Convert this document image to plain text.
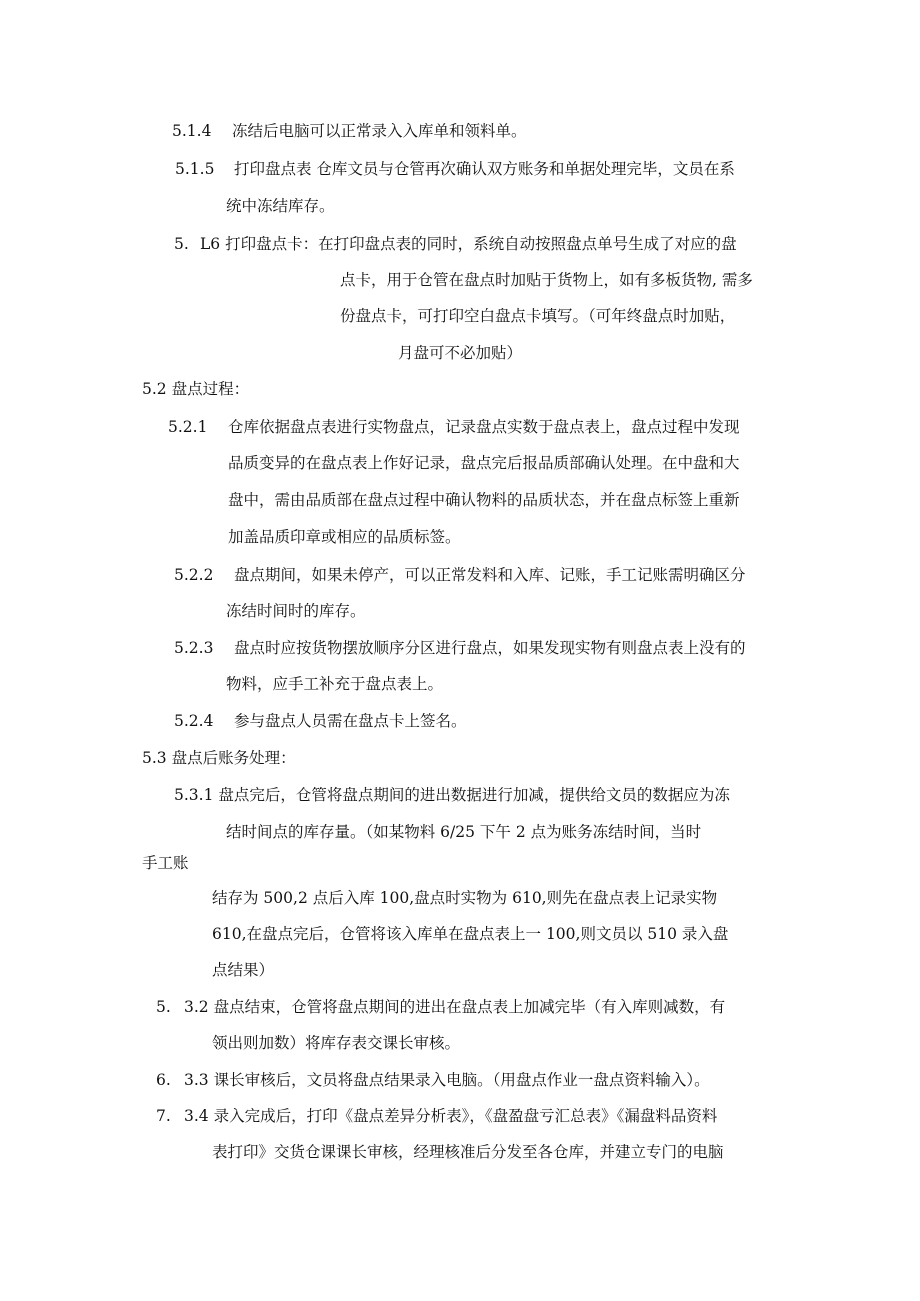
5.1.4 冻结后电脑可以正常录入入库单和领料单。
5.1.5 打印盘点表 仓库文员与仓管再次确认双方账务和单据处理完毕，文员在系
统中冻结库存。
5. L6 打印盘点卡：在打印盘点表的同时，系统自动按照盘点单号生成了对应的盘
点卡，用于仓管在盘点时加贴于货物上，如有多板货物, 需多
份盘点卡，可打印空白盘点卡填写。（可年终盘点时加贴，
月盘可不必加贴）
5.2 盘点过程：
5.2.1 仓库依据盘点表进行实物盘点，记录盘点实数于盘点表上，盘点过程中发现
品质变异的在盘点表上作好记录，盘点完后报品质部确认处理。在中盘和大
盘中，需由品质部在盘点过程中确认物料的品质状态，并在盘点标签上重新
加盖品质印章或相应的品质标签。
5.2.2 盘点期间，如果未停产，可以正常发料和入库、记账，手工记账需明确区分
冻结时间时的库存。
5.2.3 盘点时应按货物摆放顺序分区进行盘点，如果发现实物有则盘点表上没有的
物料，应手工补充于盘点表上。
5.2.4 参与盘点人员需在盘点卡上签名。
5.3 盘点后账务处理：
5.3.1 盘点完后，仓管将盘点期间的进出数据进行加减，提供给文员的数据应为冻
结时间点的库存量。（如某物料 6/25 下午 2 点为账务冻结时间，当时
手工账
结存为 500,2 点后入库 100,盘点时实物为 610,则先在盘点表上记录实物
610,在盘点完后，仓管将该入库单在盘点表上一 100,则文员以 510 录入盘
点结果）
5. 3.2 盘点结束，仓管将盘点期间的进出在盘点表上加减完毕（有入库则减数，有
领出则加数）将库存表交课长审核。
6. 3.3 课长审核后，文员将盘点结果录入电脑。（用盘点作业一盘点资料输入）。
7. 3.4 录入完成后，打印《盘点差异分析表》，《盘盈盘亏汇总表》《漏盘料品资料
表打印》交货仓课课长审核，经理核准后分发至各仓库，并建立专门的电脑
